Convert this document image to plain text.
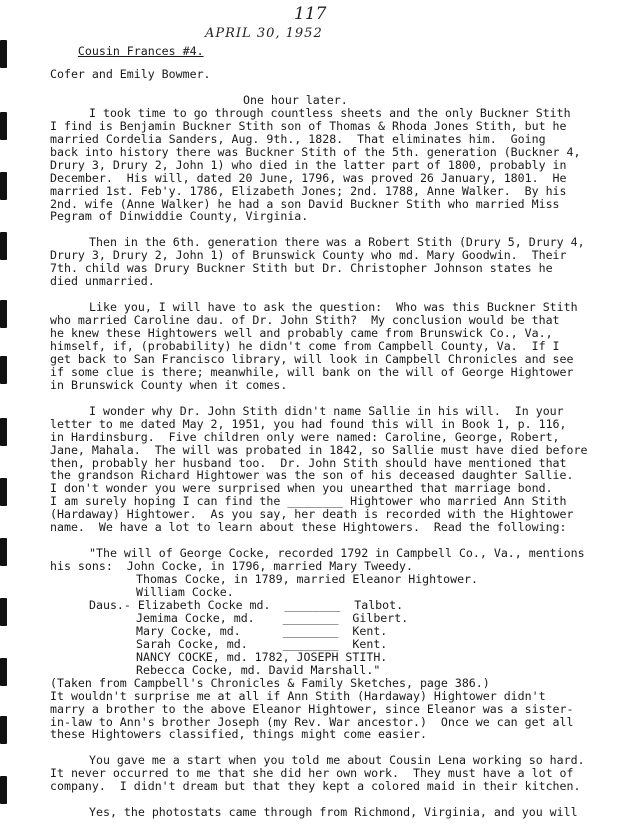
117

Cousin Frances #4.

APRIL 30, 1952
Cofer and Emily Bowmer.
One hour later.
I took time to go through countless sheets and the only Buckner Stith
I find is Benjamin Buckner Stith son of Thomas & Rhoda Jones Stith, but he
married Cordelia Sanders, Aug. 9th., 1828.  That eliminates him.  Going
back into history there was Buckner Stith of the 5th. generation (Buckner 4,
Drury 3, Drury 2, John 1) who died in the latter part of 1800, probably in
December.  His will, dated 20 June, 1796, was proved 26 January, 1801.  He
married 1st. Feb'y. 1786, Elizabeth Jones; 2nd. 1788, Anne Walker.  By his
2nd. wife (Anne Walker) he had a son David Buckner Stith who married Miss
Pegram of Dinwiddie County, Virginia.
Then in the 6th. generation there was a Robert Stith (Drury 5, Drury 4,
Drury 3, Drury 2, John 1) of Brunswick County who md. Mary Goodwin.  Their
7th. child was Drury Buckner Stith but Dr. Christopher Johnson states he
died unmarried.
Like you, I will have to ask the question:  Who was this Buckner Stith
who married Caroline dau. of Dr. John Stith?  My conclusion would be that
he knew these Hightowers well and probably came from Brunswick Co., Va.,
himself, if, (probability) he didn't come from Campbell County, Va.  If I
get back to San Francisco library, will look in Campbell Chronicles and see
if some clue is there; meanwhile, will bank on the will of George Hightower
in Brunswick County when it comes.
I wonder why Dr. John Stith didn't name Sallie in his will.  In your
letter to me dated May 2, 1951, you had found this will in Book 1, p. 116,
in Hardinsburg.  Five children only were named: Caroline, George, Robert,
Jane, Mahala.  The will was probated in 1842, so Sallie must have died before
then, probably her husband too.  Dr. John Stith should have mentioned that
the grandson Richard Hightower was the son of his deceased daughter Sallie.
I don't wonder you were surprised when you unearthed that marriage bond.
I am surely hoping I can find the ________ Hightower who married Ann Stith
(Hardaway) Hightower.  As you say, her death is recorded with the Hightower
name.  We have a lot to learn about these Hightowers.  Read the following:
"The will of George Cocke, recorded 1792 in Campbell Co., Va., mentions
his sons:  John Cocke, in 1796, married Mary Tweedy.
Thomas Cocke, in 1789, married Eleanor Hightower.
William Cocke.
Daus.- Elizabeth Cocke md.  ________  Talbot.
Jemima Cocke, md.    ________  Gilbert.
Mary Cocke, md.      ________  Kent.
Sarah Cocke, md.     ________  Kent.
NANCY COCKE, md. 1782, JOSEPH STITH.
Rebecca Cocke, md. David Marshall."
(Taken from Campbell's Chronicles & Family Sketches, page 386.)
It wouldn't surprise me at all if Ann Stith (Hardaway) Hightower didn't
marry a brother to the above Eleanor Hightower, since Eleanor was a sister-
in-law to Ann's brother Joseph (my Rev. War ancestor.)  Once we can get all
these Hightowers classified, things might come easier.
You gave me a start when you told me about Cousin Lena working so hard.
It never occurred to me that she did her own work.  They must have a lot of
company.  I didn't dream but that they kept a colored maid in their kitchen.
Yes, the photostats came through from Richmond, Virginia, and you will
